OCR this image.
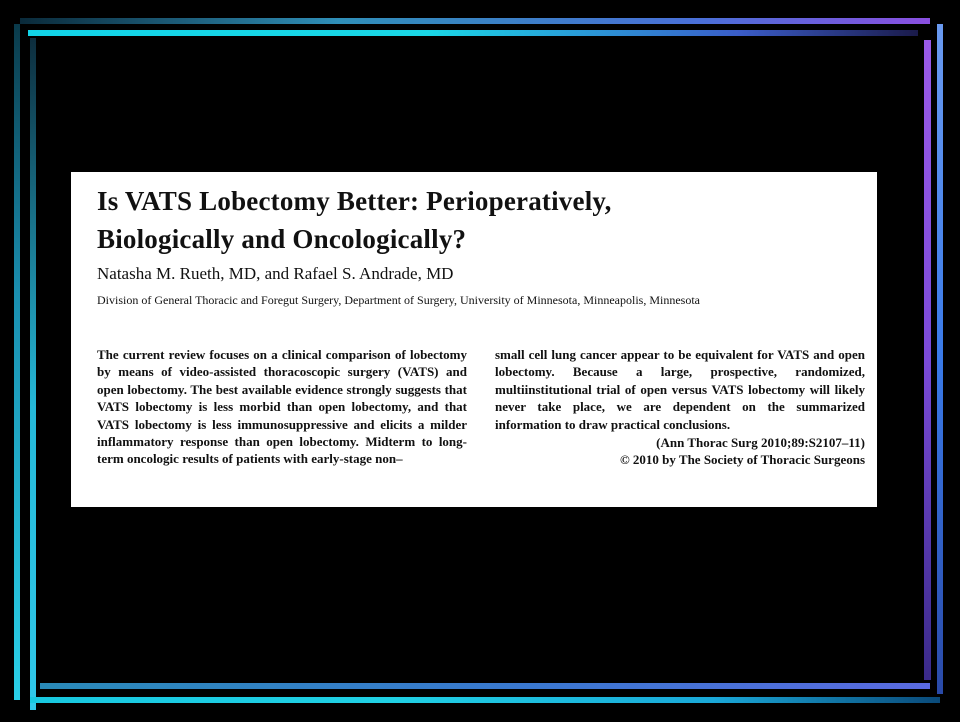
Is VATS Lobectomy Better: Perioperatively,
Biologically and Oncologically?
Natasha M. Rueth, MD, and Rafael S. Andrade, MD
Division of General Thoracic and Foregut Surgery, Department of Surgery, University of Minnesota, Minneapolis, Minnesota
The current review focuses on a clinical comparison of lobectomy by means of video-assisted thoracoscopic surgery (VATS) and open lobectomy. The best available evidence strongly suggests that VATS lobectomy is less morbid than open lobectomy, and that VATS lobectomy is less immunosuppressive and elicits a milder inflammatory response than open lobectomy. Midterm to long-term oncologic results of patients with early-stage non–
small cell lung cancer appear to be equivalent for VATS and open lobectomy. Because a large, prospective, randomized, multiinstitutional trial of open versus VATS lobectomy will likely never take place, we are dependent on the summarized information to draw practical conclusions.
(Ann Thorac Surg 2010;89:S2107–11)
© 2010 by The Society of Thoracic Surgeons
